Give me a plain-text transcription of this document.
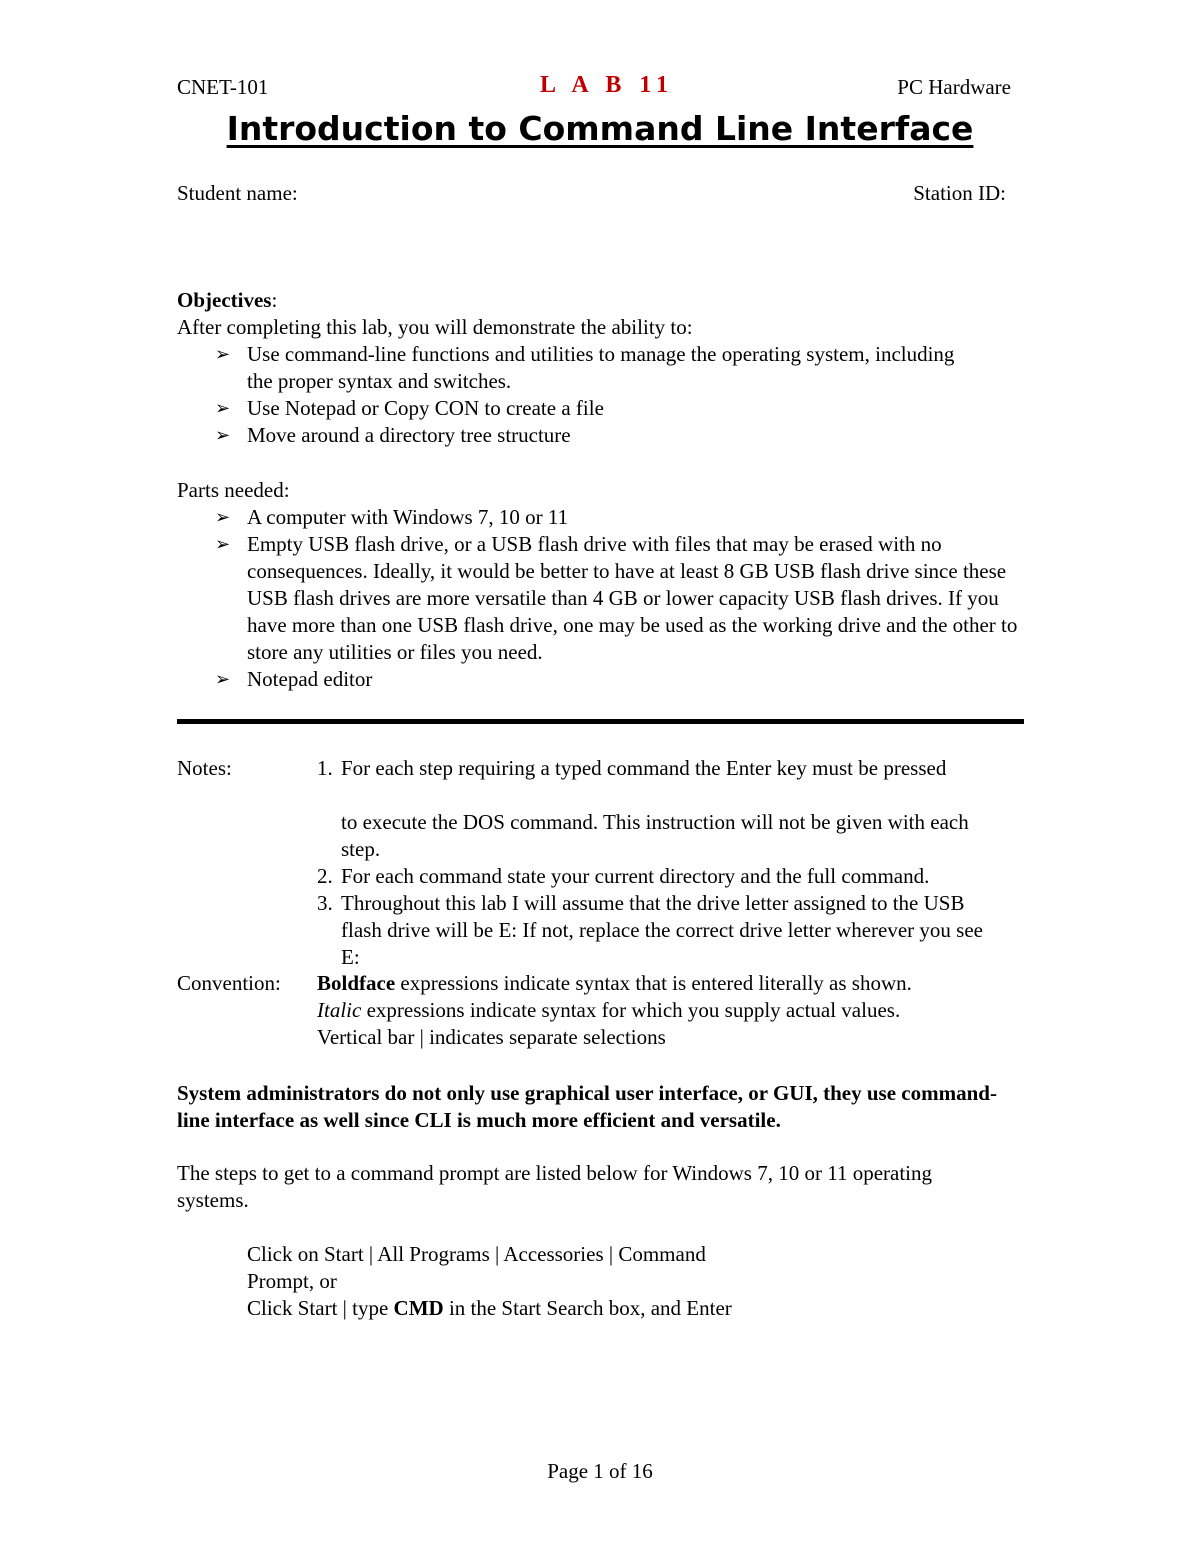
CNET-101	L A B 11	PC Hardware
Introduction to Command Line Interface
Student name:	Station ID:
Objectives:
After completing this lab, you will demonstrate the ability to:
➢ Use command-line functions and utilities to manage the operating system, including the proper syntax and switches.
➢ Use Notepad or Copy CON to create a file
➢ Move around a directory tree structure
Parts needed:
➢ A computer with Windows 7, 10 or 11
➢ Empty USB flash drive, or a USB flash drive with files that may be erased with no consequences. Ideally, it would be better to have at least 8 GB USB flash drive since these USB flash drives are more versatile than 4 GB or lower capacity USB flash drives. If you have more than one USB flash drive, one may be used as the working drive and the other to store any utilities or files you need.
➢ Notepad editor
Notes:	1. For each step requiring a typed command the Enter key must be pressed
to execute the DOS command. This instruction will not be given with each step.
2. For each command state your current directory and the full command.
3. Throughout this lab I will assume that the drive letter assigned to the USB flash drive will be E: If not, replace the correct drive letter wherever you see E:
Convention: Boldface expressions indicate syntax that is entered literally as shown.
Italic expressions indicate syntax for which you supply actual values.
Vertical bar | indicates separate selections
System administrators do not only use graphical user interface, or GUI, they use command-line interface as well since CLI is much more efficient and versatile.
The steps to get to a command prompt are listed below for Windows 7, 10 or 11 operating systems.
Click on Start | All Programs | Accessories | Command
Prompt, or
Click Start | type CMD in the Start Search box, and Enter
Page 1 of 16
